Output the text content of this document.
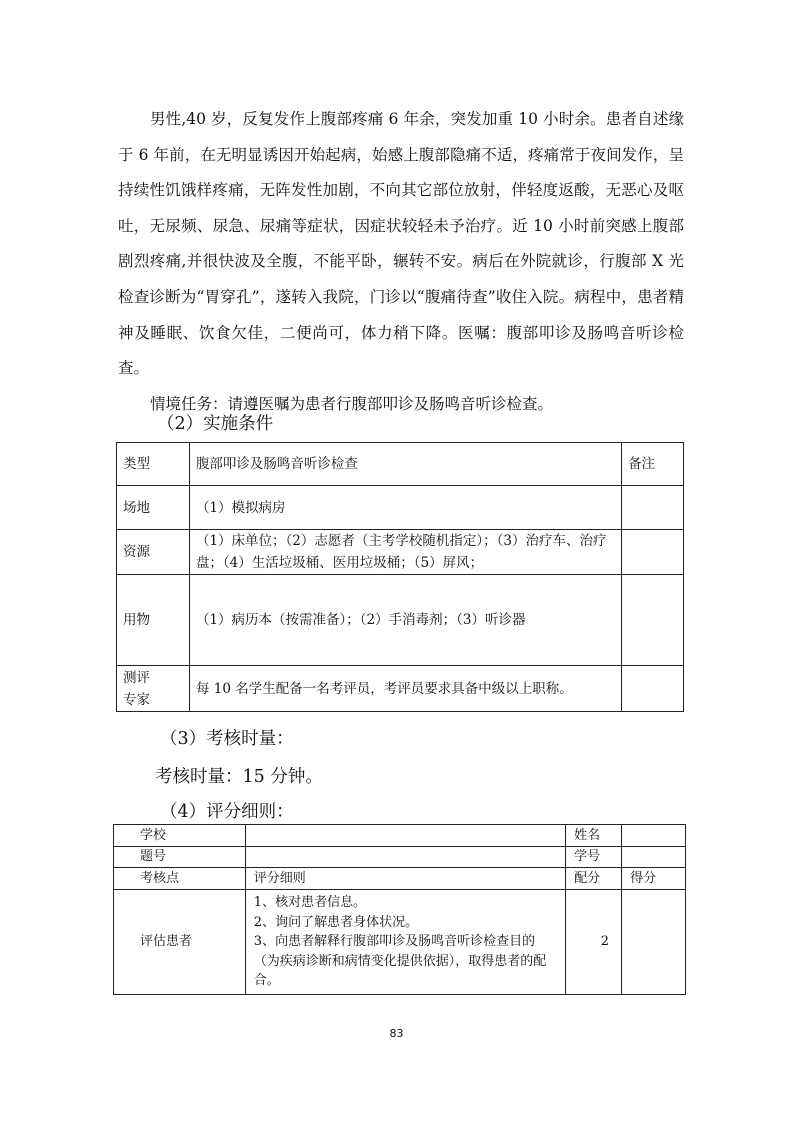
男性,40 岁，反复发作上腹部疼痛 6 年余，突发加重 10 小时余。患者自述缘于 6 年前，在无明显诱因开始起病，始感上腹部隐痛不适，疼痛常于夜间发作，呈持续性饥饿样疼痛，无阵发性加剧，不向其它部位放射，伴轻度返酸，无恶心及呕吐，无尿频、尿急、尿痛等症状，因症状较轻未予治疗。近 10 小时前突感上腹部剧烈疼痛,并很快波及全腹，不能平卧，辗转不安。病后在外院就诊，行腹部 X 光检查诊断为“胃穿孔”，遂转入我院，门诊以“腹痛待查”收住入院。病程中，患者精神及睡眠、饮食欠佳，二便尚可，体力稍下降。医嘱：腹部叩诊及肠鸣音听诊检查。

情境任务：请遵医嘱为患者行腹部叩诊及肠鸣音听诊检查。

（2）实施条件
类型	腹部叩诊及肠鸣音听诊检查	备注
场地	（1）模拟病房	
资源	（1）床单位；（2）志愿者（主考学校随机指定）；（3）治疗车、治疗盘；（4）生活垃圾桶、医用垃圾桶；（5）屏风；	
用物	（1）病历本（按需准备）；（2）手消毒剂；（3）听诊器	
测评专家	每 10 名学生配备一名考评员，考评员要求具备中级以上职称。	
（3）考核时量：
考核时量：15 分钟。
（4）评分细则：
学校		姓名	
题号		学号	
考核点	评分细则	配分	得分
评估患者	1、核对患者信息。
2、询问了解患者身体状况。
3、向患者解释行腹部叩诊及肠鸣音听诊检查目的（为疾病诊断和病情变化提供依据），取得患者的配合。	2	
83
